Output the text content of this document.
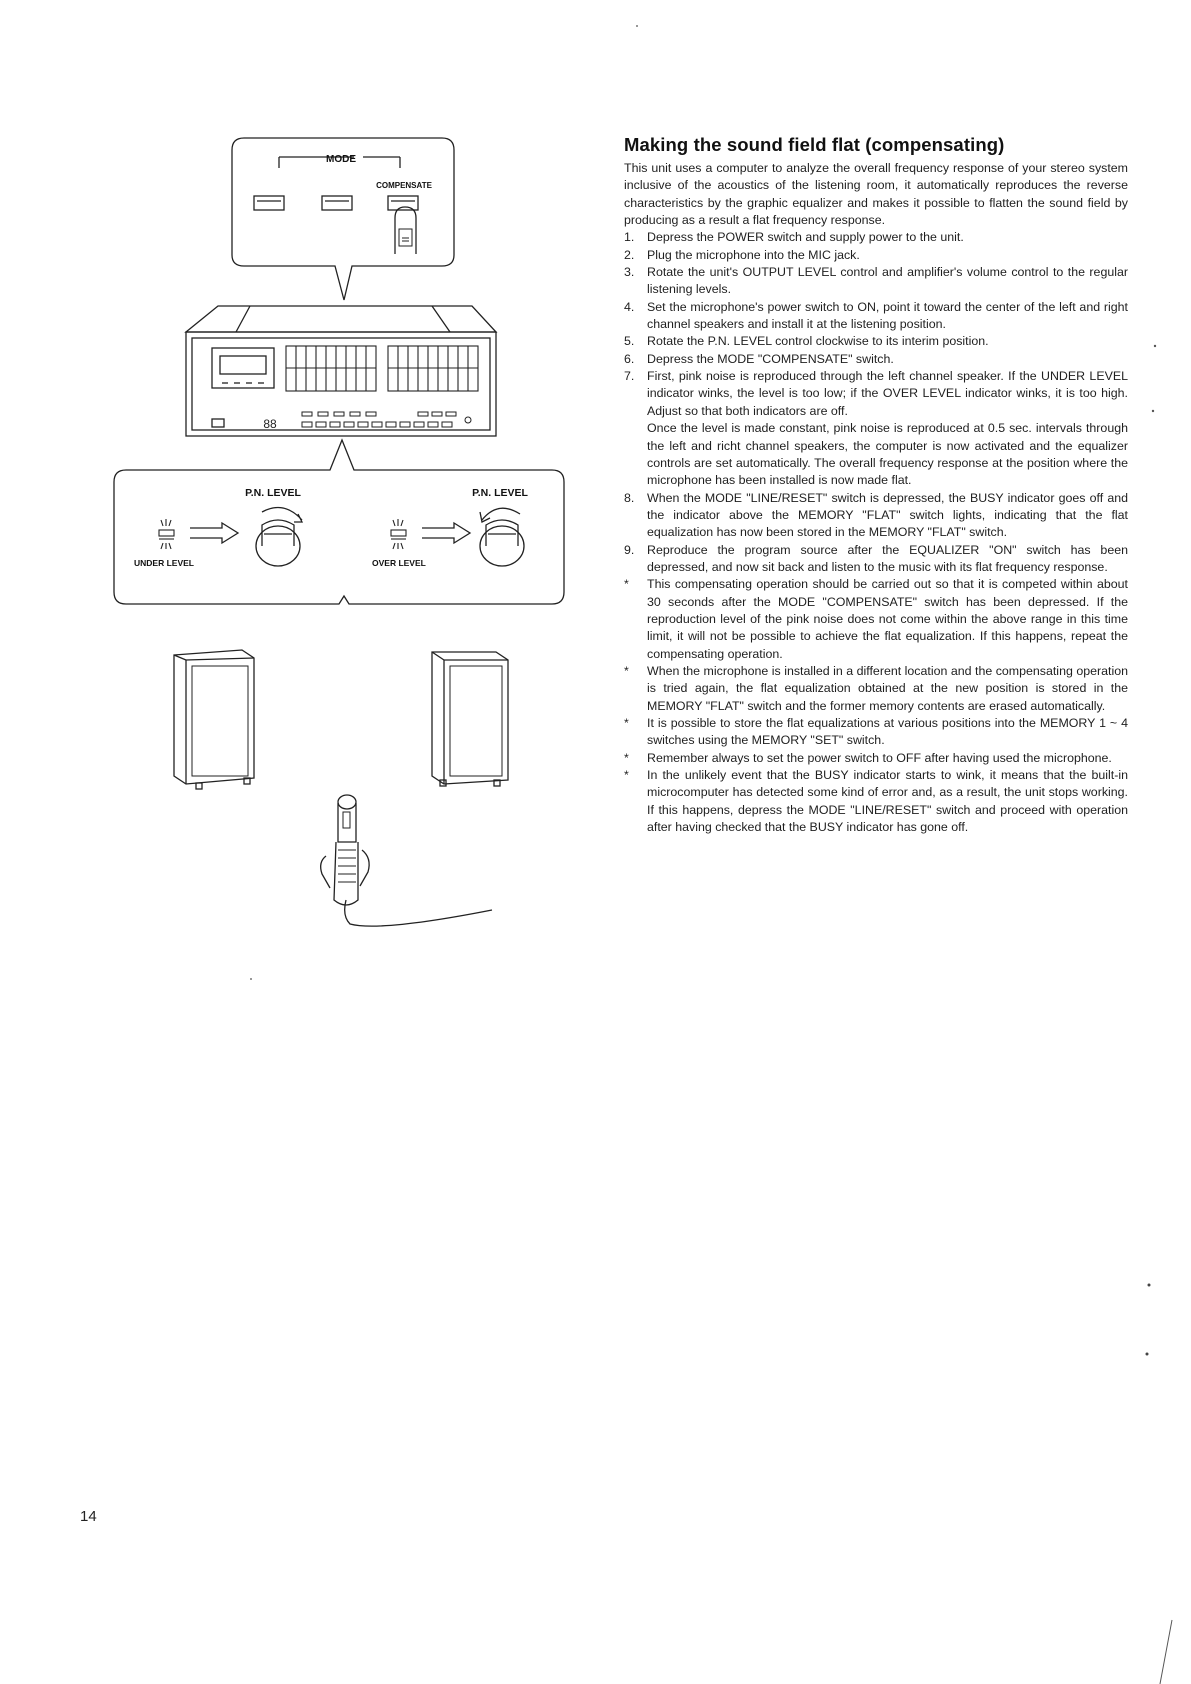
MODE
COMPENSATE
88
P.N. LEVEL	P.N. LEVEL
UNDER LEVEL	OVER LEVEL
Making the sound field flat (compensating)

This unit uses a computer to analyze the overall frequency response of your stereo system inclusive of the acoustics of the listening room, it automatically reproduces the reverse characteristics by the graphic equalizer and makes it possible to flatten the sound field by producing as a result a flat frequency response.

1.	Depress the POWER switch and supply power to the unit.
2.	Plug the microphone into the MIC jack.
3.	Rotate the unit's OUTPUT LEVEL control and amplifier's volume control to the regular listening levels.
4.	Set the microphone's power switch to ON, point it toward the center of the left and right channel speakers and install it at the listening position.
5.	Rotate the P.N. LEVEL control clockwise to its interim position.
6.	Depress the MODE "COMPENSATE" switch.
7.	First, pink noise is reproduced through the left channel speaker. If the UNDER LEVEL indicator winks, the level is too low; if the OVER LEVEL indicator winks, it is too high. Adjust so that both indicators are off.
Once the level is made constant, pink noise is reproduced at 0.5 sec. intervals through the left and richt channel speakers, the computer is now activated and the equalizer controls are set automatically. The overall frequency response at the position where the microphone has been installed is now made flat.
8.	When the MODE "LINE/RESET" switch is depressed, the BUSY indicator goes off and the indicator above the MEMORY "FLAT" switch lights, indicating that the flat equalization has now been stored in the MEMORY "FLAT" switch.
9.	Reproduce the program source after the EQUALIZER "ON" switch has been depressed, and now sit back and listen to the music with its flat frequency response.
*	This compensating operation should be carried out so that it is competed within about 30 seconds after the MODE "COMPENSATE" switch has been depressed. If the reproduction level of the pink noise does not come within the above range in this time limit, it will not be possible to achieve the flat equalization. If this happens, repeat the compensating operation.
*	When the microphone is installed in a different location and the compensating operation is tried again, the flat equalization obtained at the new position is stored in the MEMORY "FLAT" switch and the former memory contents are erased automatically.
*	It is possible to store the flat equalizations at various positions into the MEMORY 1 ~ 4 switches using the MEMORY "SET" switch.
*	Remember always to set the power switch to OFF after having used the microphone.
*	In the unlikely event that the BUSY indicator starts to wink, it means that the built-in microcomputer has detected some kind of error and, as a result, the unit stops working. If this happens, depress the MODE "LINE/RESET" switch and proceed with operation after having checked that the BUSY indicator has gone off.
14
